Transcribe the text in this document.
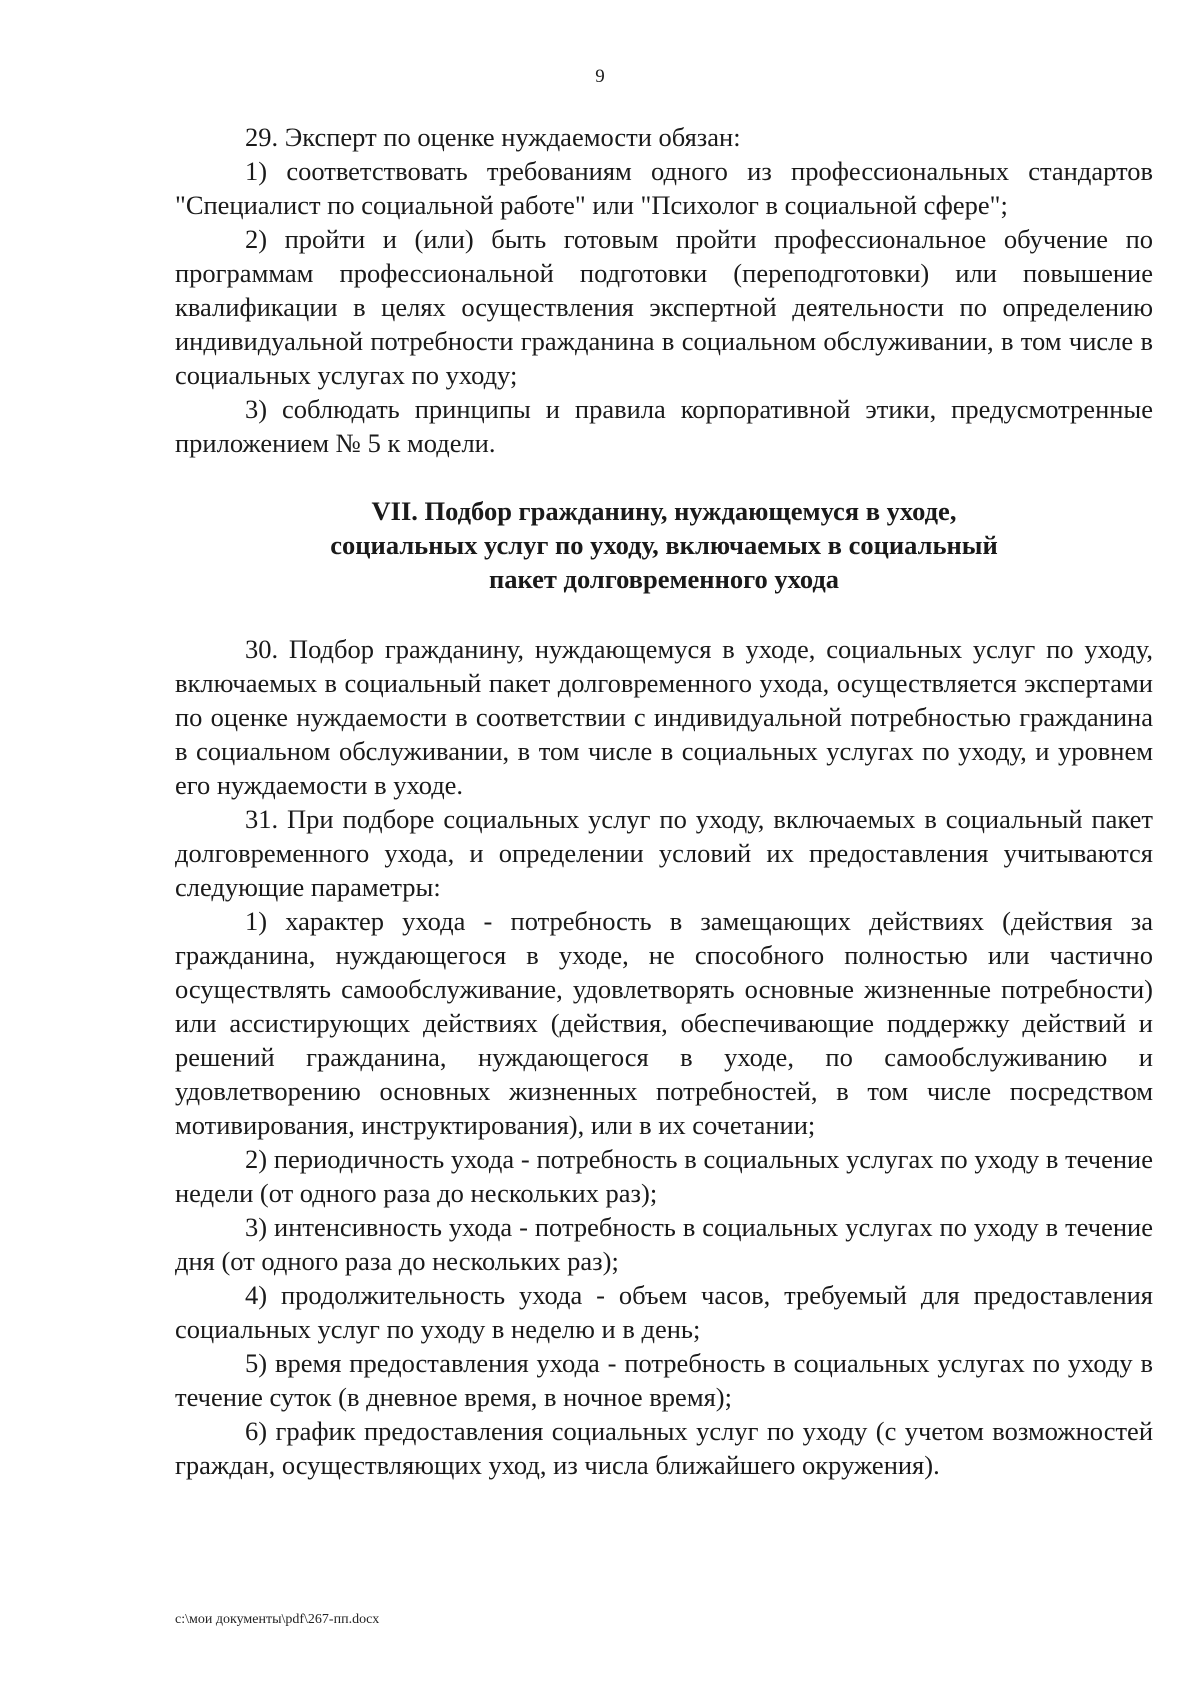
9

29. Эксперт по оценке нуждаемости обязан:

1) соответствовать требованиям одного из профессиональных стандартов "Специалист по социальной работе" или "Психолог в социальной сфере";

2) пройти и (или) быть готовым пройти профессиональное обучение по программам профессиональной подготовки (переподготовки) или повышение квалификации в целях осуществления экспертной деятельности по определению индивидуальной потребности гражданина в социальном обслуживании, в том числе в социальных услугах по уходу;

3) соблюдать принципы и правила корпоративной этики, предусмотренные приложением № 5 к модели.

VII. Подбор гражданину, нуждающемуся в уходе,
социальных услуг по уходу, включаемых в социальный
пакет долговременного ухода

30. Подбор гражданину, нуждающемуся в уходе, социальных услуг по уходу, включаемых в социальный пакет долговременного ухода, осуществляется экспертами по оценке нуждаемости в соответствии с индивидуальной потребностью гражданина в социальном обслуживании, в том числе в социальных услугах по уходу, и уровнем его нуждаемости в уходе.

31. При подборе социальных услуг по уходу, включаемых в социальный пакет долговременного ухода, и определении условий их предоставления учитываются следующие параметры:

1) характер ухода - потребность в замещающих действиях (действия за гражданина, нуждающегося в уходе, не способного полностью или частично осуществлять самообслуживание, удовлетворять основные жизненные потребности) или ассистирующих действиях (действия, обеспечивающие поддержку действий и решений гражданина, нуждающегося в уходе, по самообслуживанию и удовлетворению основных жизненных потребностей, в том числе посредством мотивирования, инструктирования), или в их сочетании;

2) периодичность ухода - потребность в социальных услугах по уходу в течение недели (от одного раза до нескольких раз);

3) интенсивность ухода - потребность в социальных услугах по уходу в течение дня (от одного раза до нескольких раз);

4) продолжительность ухода - объем часов, требуемый для предоставления социальных услуг по уходу в неделю и в день;

5) время предоставления ухода - потребность в социальных услугах по уходу в течение суток (в дневное время, в ночное время);

6) график предоставления социальных услуг по уходу (с учетом возможностей граждан, осуществляющих уход, из числа ближайшего окружения).

c:\мои документы\pdf\267-пп.docx
